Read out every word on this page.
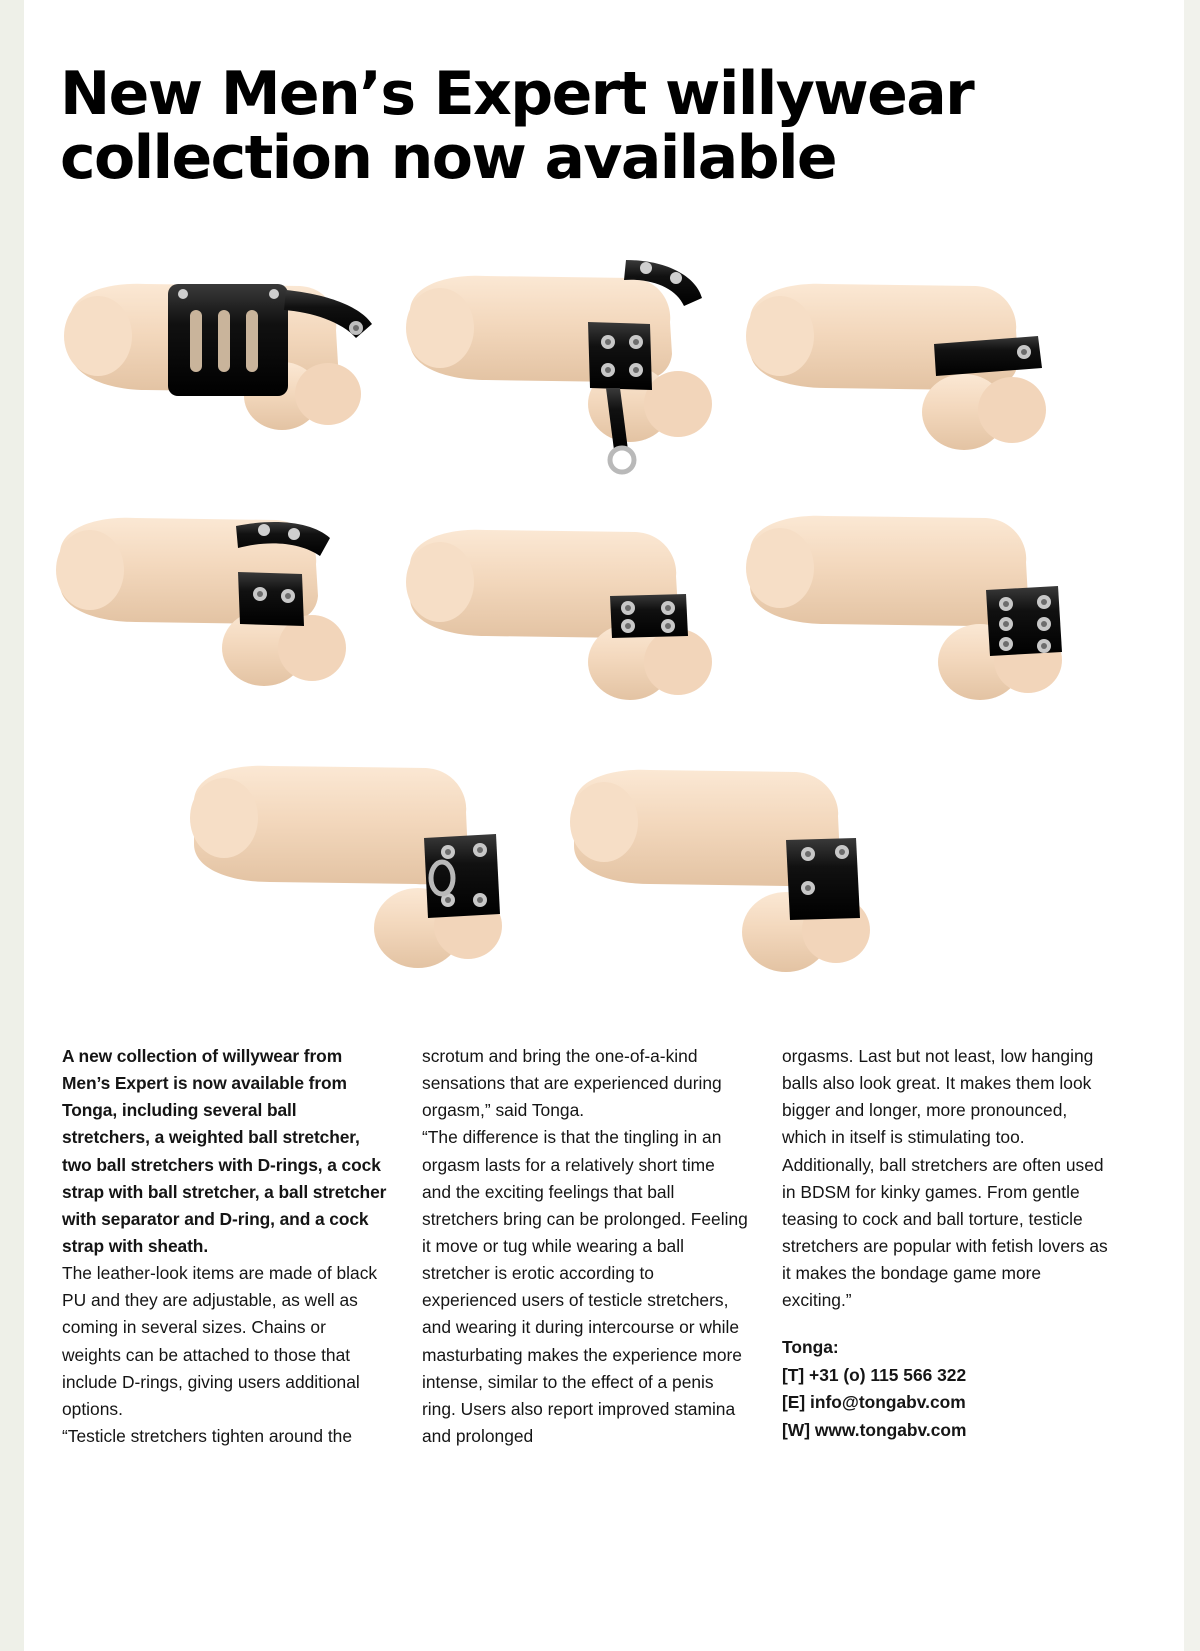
New Men’s Expert willywear
collection now available

A new collection of willywear from Men’s Expert is now available from Tonga, including several ball stretchers, a weighted ball stretcher, two ball stretchers with D-rings, a cock strap with ball stretcher, a ball stretcher with separator and D-ring, and a cock strap with sheath.

The leather-look items are made of black PU and they are adjustable, as well as coming in several sizes. Chains or weights can be attached to those that include D-rings, giving users additional options.

“Testicle stretchers tighten around the

scrotum and bring the one-of-a-kind sensations that are experienced during orgasm,” said Tonga.

“The difference is that the tingling in an orgasm lasts for a relatively short time and the exciting feelings that ball stretchers bring can be prolonged. Feeling it move or tug while wearing a ball stretcher is erotic according to experienced users of testicle stretchers, and wearing it during intercourse or while masturbating makes the experience more intense, similar to the effect of a penis ring. Users also report improved stamina and prolonged

orgasms. Last but not least, low hanging balls also look great. It makes them look bigger and longer, more pronounced, which in itself is stimulating too. Additionally, ball stretchers are often used in BDSM for kinky games. From gentle teasing to cock and ball torture, testicle stretchers are popular with fetish lovers as it makes the bondage game more exciting.”

Tonga:
[T] +31 (o) 115 566 322
[E] info@tongabv.com
[W] www.tongabv.com
